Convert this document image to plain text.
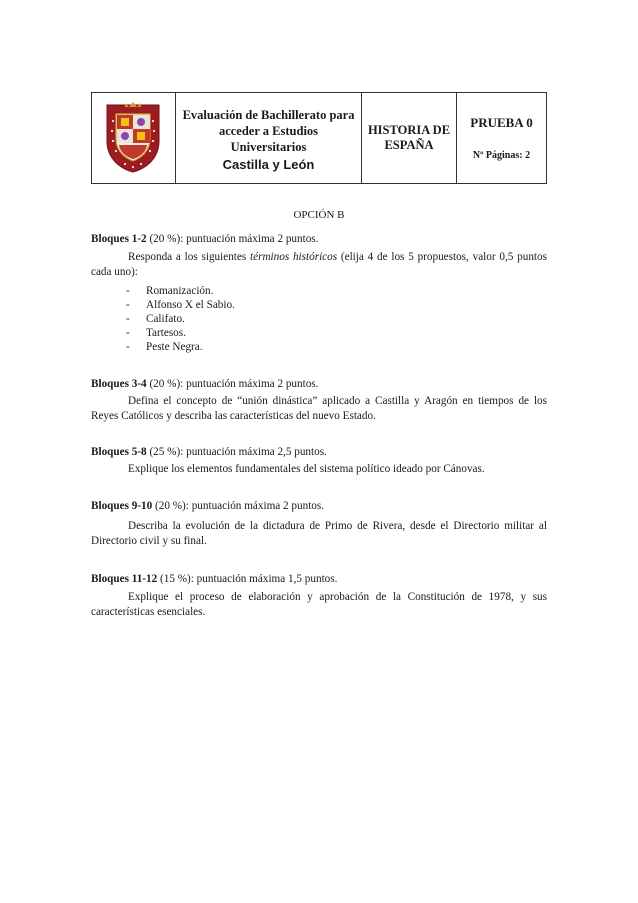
Evaluación de Bachillerato para
acceder a Estudios
Universitarios
Castilla y León
HISTORIA DE
ESPAÑA
PRUEBA 0
Nº Páginas: 2
OPCIÓN B
Bloques 1-2 (20 %): puntuación máxima 2 puntos.
Responda a los siguientes términos históricos (elija 4 de los 5 propuestos, valor 0,5 puntos cada uno):
- Romanización.
- Alfonso X el Sabio.
- Califato.
- Tartesos.
- Peste Negra.
Bloques 3-4 (20 %): puntuación máxima 2 puntos.
Defina el concepto de “unión dinástica” aplicado a Castilla y Aragón en tiempos de los Reyes Católicos y describa las características del nuevo Estado.
Bloques 5-8 (25 %): puntuación máxima 2,5 puntos.
Explique los elementos fundamentales del sistema político ideado por Cánovas.
Bloques 9-10 (20 %): puntuación máxima 2 puntos.
Describa la evolución de la dictadura de Primo de Rivera, desde el Directorio militar al Directorio civil y su final.
Bloques 11-12 (15 %): puntuación máxima 1,5 puntos.
Explique el proceso de elaboración y aprobación de la Constitución de 1978, y sus características esenciales.
